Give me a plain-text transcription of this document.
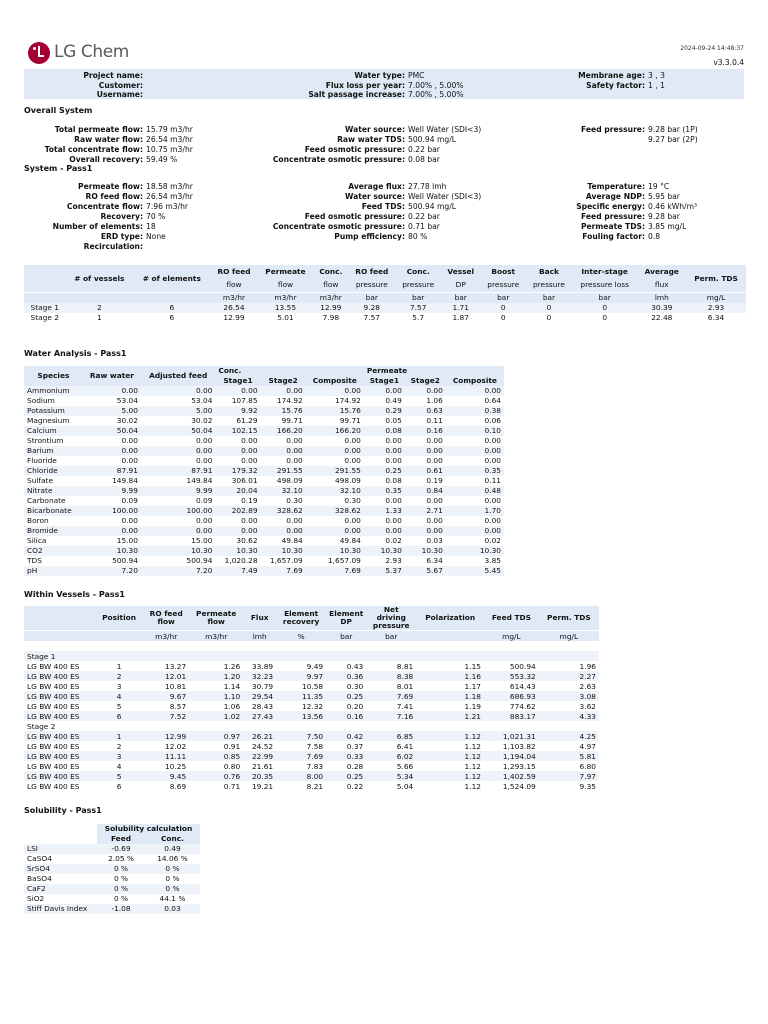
LG Chem	2024-09-24 14:48:37
v3.3.0.4
Project name:
Customer:
Username:
Water type: PMC
Flux loss per year: 7.00% , 5.00%
Salt passage increase: 7.00% , 5.00%
Membrane age: 3 , 3
Safety factor: 1 , 1
Overall System
Total permeate flow: 15.79 m3/hr
Raw water flow: 26.54 m3/hr
Total concentrate flow: 10.75 m3/hr
Overall recovery: 59.49 %
Water source: Well Water (SDI<3)
Raw water TDS: 500.94 mg/L
Feed osmotic pressure: 0.22 bar
Concentrate osmotic pressure: 0.08 bar
Feed pressure: 9.28 bar (1P)
9.27 bar (2P)
System - Pass1
Permeate flow: 18.58 m3/hr
RO feed flow: 26.54 m3/hr
Concentrate flow: 7.96 m3/hr
Recovery: 70 %
Number of elements: 18
ERD type: None
Recirculation:
Average flux: 27.78 lmh
Water source: Well Water (SDI<3)
Feed TDS: 500.94 mg/L
Feed osmotic pressure: 0.22 bar
Concentrate osmotic pressure: 0.71 bar
Pump efficiency: 80 %
Temperature: 19 °C
Average NDP: 5.95 bar
Specific energy: 0.46 kWh/m³
Feed pressure: 9.28 bar
Permeate TDS: 3.85 mg/L
Fouling factor: 0.8
	# of vessels	# of elements	RO feed	Permeate	Conc.	RO feed	Conc.	Vessel	Boost	Back	Inter-stage	Average	Perm. TDS
			flow	flow	flow	pressure	pressure	DP	pressure	pressure	pressure loss	flux	
			m3/hr	m3/hr	m3/hr	bar	bar	bar	bar	bar	bar	lmh	mg/L
Stage 1	2	6	26.54	13.55	12.99	9.28	7.57	1.71	0	0	0	30.39	2.93
Stage 2	1	6	12.99	5.01	7.98	7.57	5.7	1.87	0	0	0	22.48	6.34
Water Analysis - Pass1
Species	Raw water	Adjusted feed	Conc.			Permeate		
			Stage1	Stage2	Composite	Stage1	Stage2	Composite
Ammonium	0.00	0.00	0.00	0.00	0.00	0.00	0.00	0.00
Sodium	53.04	53.04	107.85	174.92	174.92	0.49	1.06	0.64
Potassium	5.00	5.00	9.92	15.76	15.76	0.29	0.63	0.38
Magnesium	30.02	30.02	61.29	99.71	99.71	0.05	0.11	0.06
Calcium	50.04	50.04	102.15	166.20	166.20	0.08	0.16	0.10
Strontium	0.00	0.00	0.00	0.00	0.00	0.00	0.00	0.00
Barium	0.00	0.00	0.00	0.00	0.00	0.00	0.00	0.00
Fluoride	0.00	0.00	0.00	0.00	0.00	0.00	0.00	0.00
Chloride	87.91	87.91	179.32	291.55	291.55	0.25	0.61	0.35
Sulfate	149.84	149.84	306.01	498.09	498.09	0.08	0.19	0.11
Nitrate	9.99	9.99	20.04	32.10	32.10	0.35	0.84	0.48
Carbonate	0.09	0.09	0.19	0.30	0.30	0.00	0.00	0.00
Bicarbonate	100.00	100.00	202.89	328.62	328.62	1.33	2.71	1.70
Boron	0.00	0.00	0.00	0.00	0.00	0.00	0.00	0.00
Bromide	0.00	0.00	0.00	0.00	0.00	0.00	0.00	0.00
Silica	15.00	15.00	30.62	49.84	49.84	0.02	0.03	0.02
CO2	10.30	10.30	10.30	10.30	10.30	10.30	10.30	10.30
TDS	500.94	500.94	1,020.28	1,657.09	1,657.09	2.93	6.34	3.85
pH	7.20	7.20	7.49	7.69	7.69	5.37	5.67	5.45
Within Vessels - Pass1
	Position	RO feed flow	Permeate flow	Flux	Element recovery	Element DP	Net driving pressure	Polarization	Feed TDS	Perm. TDS
		m3/hr	m3/hr	lmh	%	bar	bar		mg/L	mg/L

Stage 1										
LG BW 400 ES	1	13.27	1.26	33.89	9.49	0.43	8.81	1.15	500.94	1.96
LG BW 400 ES	2	12.01	1.20	32.23	9.97	0.36	8.38	1.16	553.32	2.27
LG BW 400 ES	3	10.81	1.14	30.79	10.58	0.30	8.01	1.17	614.43	2.63
LG BW 400 ES	4	9.67	1.10	29.54	11.35	0.25	7.69	1.18	686.93	3.08
LG BW 400 ES	5	8.57	1.06	28.43	12.32	0.20	7.41	1.19	774.62	3.62
LG BW 400 ES	6	7.52	1.02	27.43	13.56	0.16	7.16	1.21	883.17	4.33
Stage 2										
LG BW 400 ES	1	12.99	0.97	26.21	7.50	0.42	6.85	1.12	1,021.31	4.25
LG BW 400 ES	2	12.02	0.91	24.52	7.58	0.37	6.41	1.12	1,103.82	4.97
LG BW 400 ES	3	11.11	0.85	22.99	7.69	0.33	6.02	1.12	1,194.04	5.81
LG BW 400 ES	4	10.25	0.80	21.61	7.83	0.28	5.66	1.12	1,293.15	6.80
LG BW 400 ES	5	9.45	0.76	20.35	8.00	0.25	5.34	1.12	1,402.59	7.97
LG BW 400 ES	6	8.69	0.71	19.21	8.21	0.22	5.04	1.12	1,524.09	9.35
Solubility - Pass1
	Solubility calculation	
	Feed	Conc.
LSI	-0.69	0.49
CaSO4	2.05 %	14.06 %
SrSO4	0 %	0 %
BaSO4	0 %	0 %
CaF2	0 %	0 %
SiO2	0 %	44.1 %
Stiff Davis Index	-1.08	0.03
